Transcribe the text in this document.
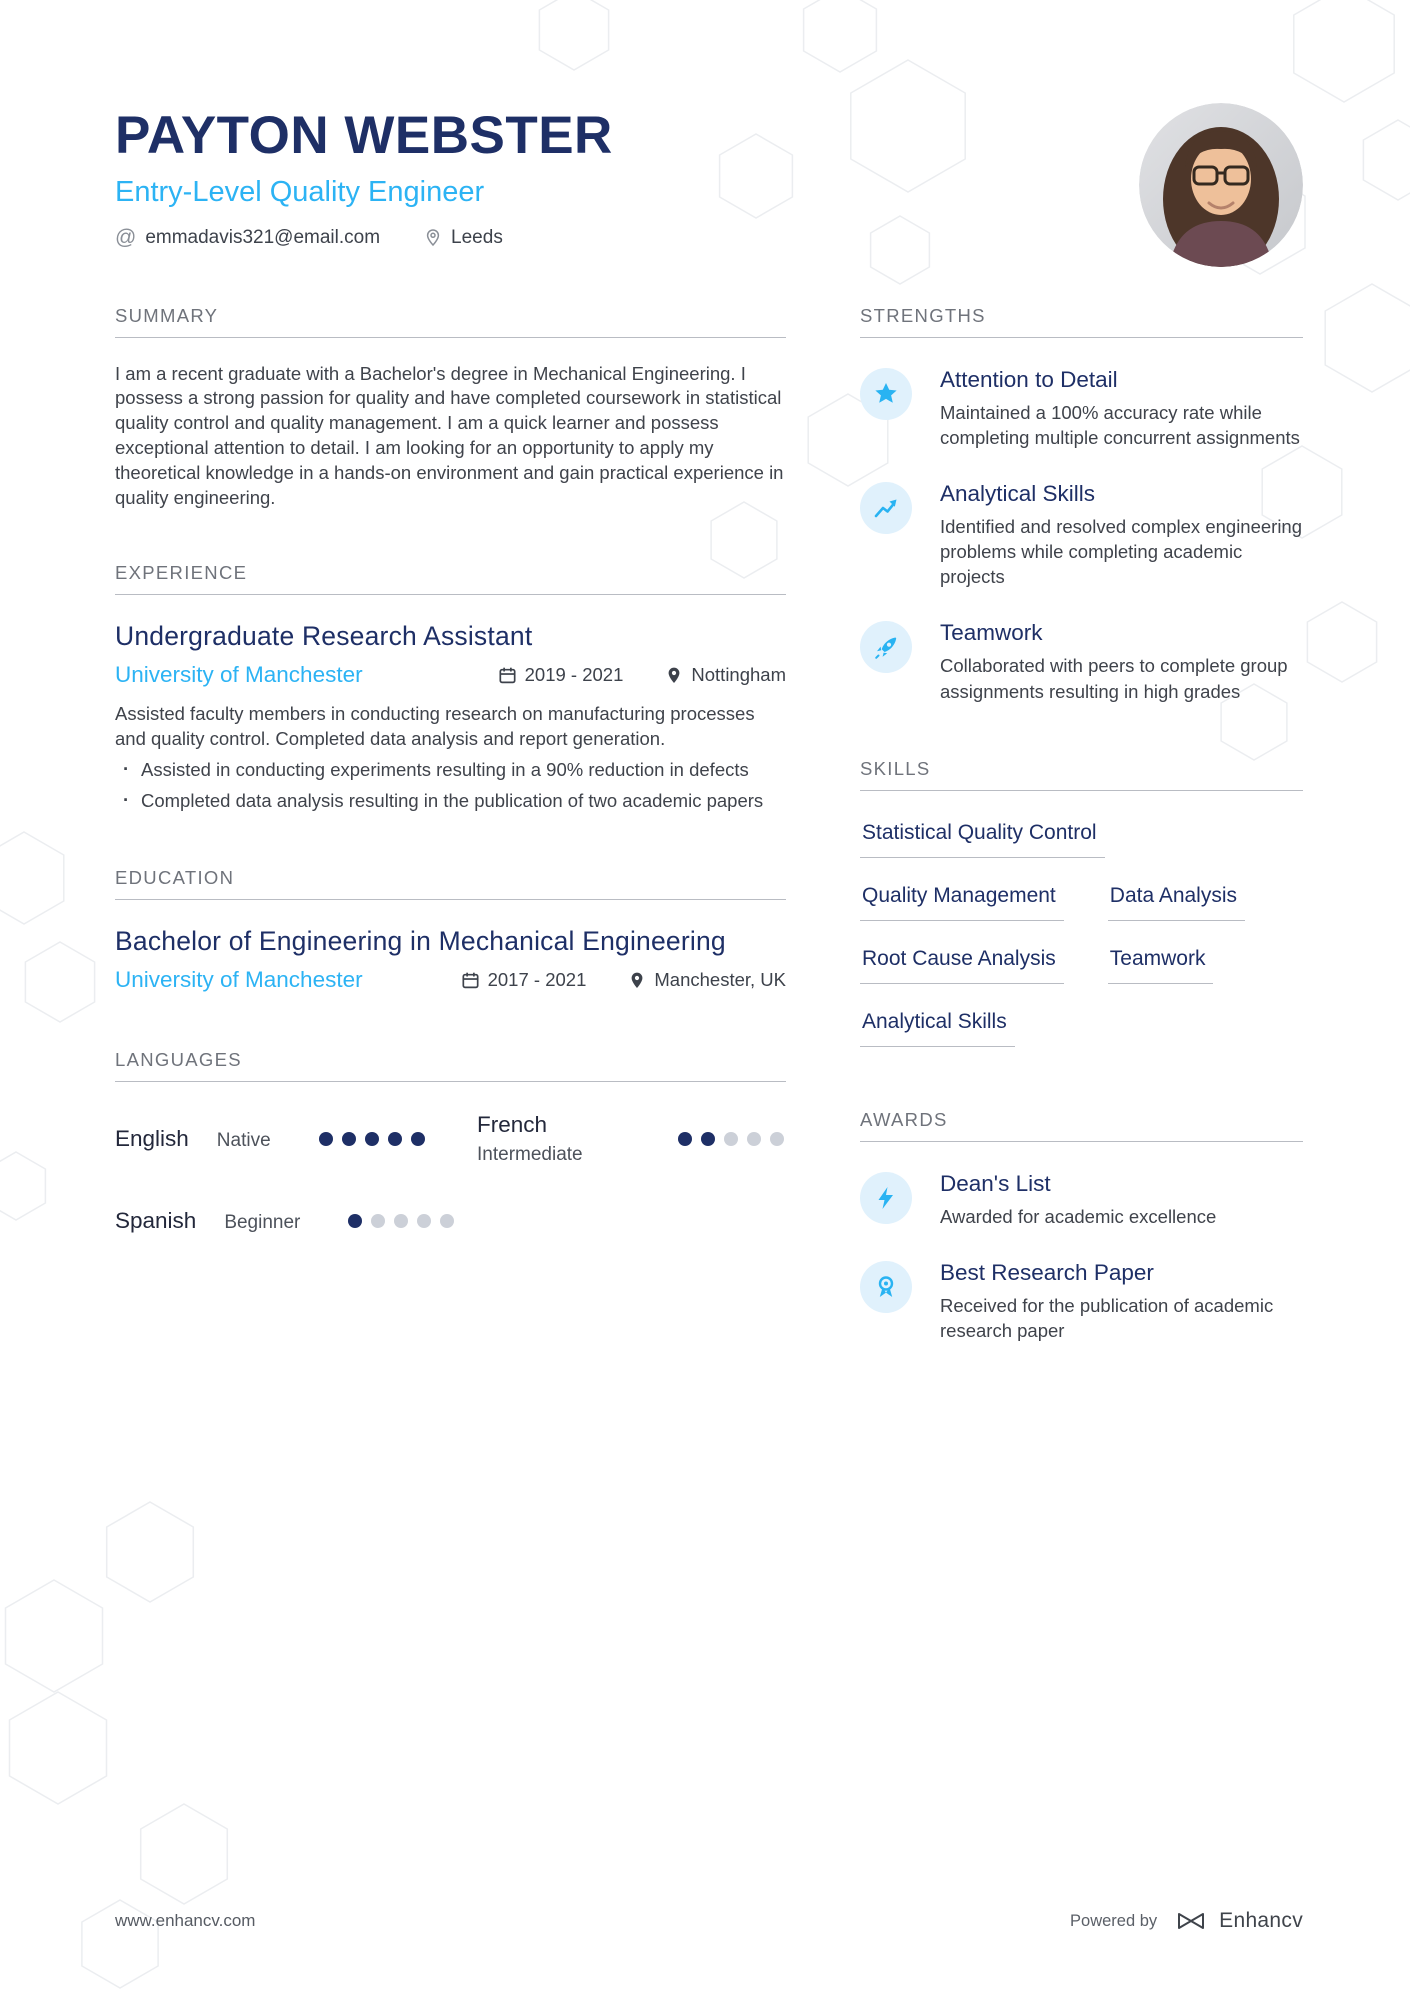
PAYTON WEBSTER
Entry-Level Quality Engineer
@ emmadavis321@email.com	Leeds
SUMMARY

I am a recent graduate with a Bachelor's degree in Mechanical Engineering. I possess a strong passion for quality and have completed coursework in statistical quality control and quality management. I am a quick learner and possess exceptional attention to detail. I am looking for an opportunity to apply my theoretical knowledge in a hands-on environment and gain practical experience in quality engineering.

EXPERIENCE
Undergraduate Research Assistant
University of Manchester	2019 - 2021	Nottingham

Assisted faculty members in conducting research on manufacturing processes and quality control. Completed data analysis and report generation.

· Assisted in conducting experiments resulting in a 90% reduction in defects
· Completed data analysis resulting in the publication of two academic papers
EDUCATION
Bachelor of Engineering in Mechanical Engineering
University of Manchester	2017 - 2021	Manchester, UK
LANGUAGES
English Native
French
Intermediate
Spanish Beginner
STRENGTHS
Attention to Detail
Maintained a 100% accuracy rate while completing multiple concurrent assignments
Analytical Skills
Identified and resolved complex engineering problems while completing academic projects
Teamwork
Collaborated with peers to complete group assignments resulting in high grades
SKILLS
Statistical Quality Control
Quality Management	Data Analysis
Root Cause Analysis	Teamwork
Analytical Skills
AWARDS
Dean's List
Awarded for academic excellence
Best Research Paper
Received for the publication of academic research paper
www.enhancv.com	Powered by	Enhancv
